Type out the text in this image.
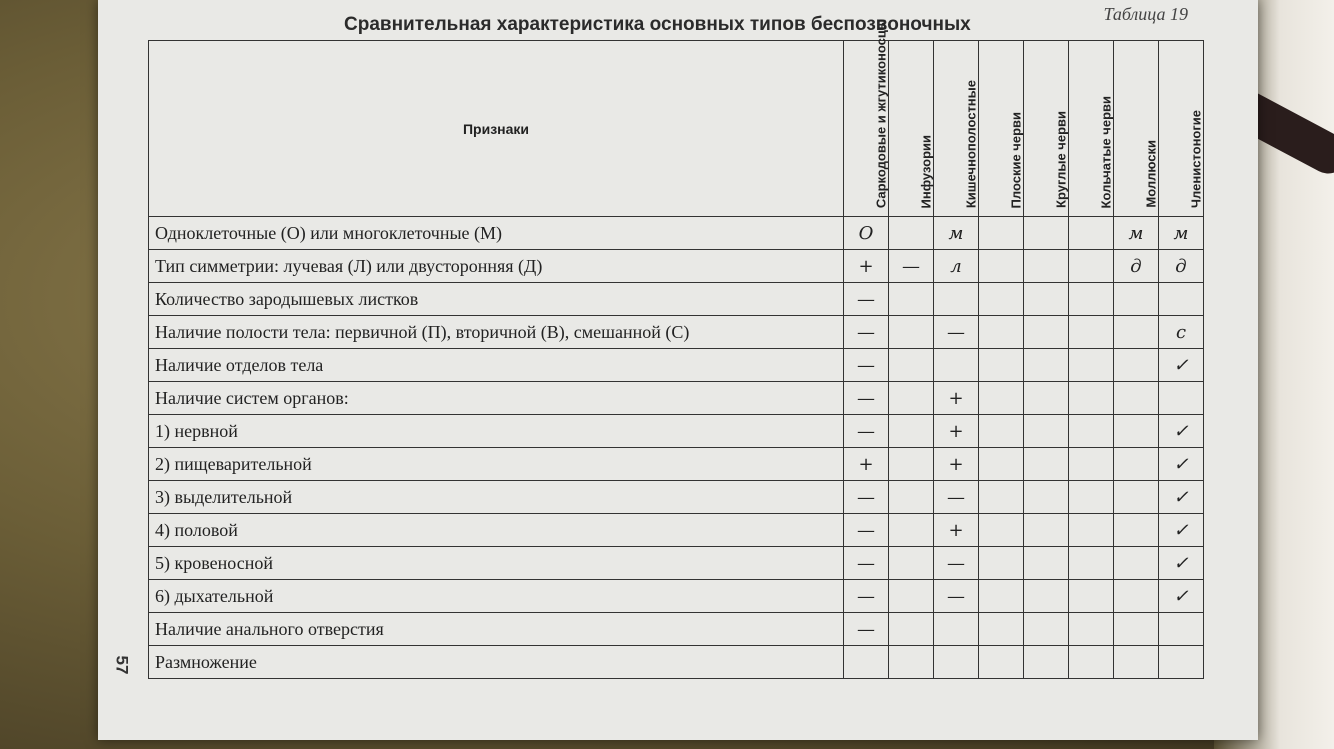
Таблица 19
Сравнительная характеристика основных типов беспозвоночных
57
Признаки	Саркодовые и жгутиконосцы	Инфузории	Кишечнополостные	Плоские черви	Круглые черви	Кольчатые черви	Моллюски	Членистоногие

Одноклеточные (О) или многоклеточные (М)	О		м				м	м
Тип симметрии: лучевая (Л) или двусторонняя (Д)	+	—	л				д	д
Количество зародышевых листков	—							
Наличие полости тела: первичной (П), вторичной (В), смешанной (С)	—		—					с
Наличие отделов тела	—							✓
Наличие систем органов:	—		+					
1) нервной	—		+					✓
2) пищеварительной	+		+					✓
3) выделительной	—		—					✓
4) половой	—		+					✓
5) кровеносной	—		—					✓
6) дыхательной	—		—					✓
Наличие анального отверстия	—							
Размножение								
